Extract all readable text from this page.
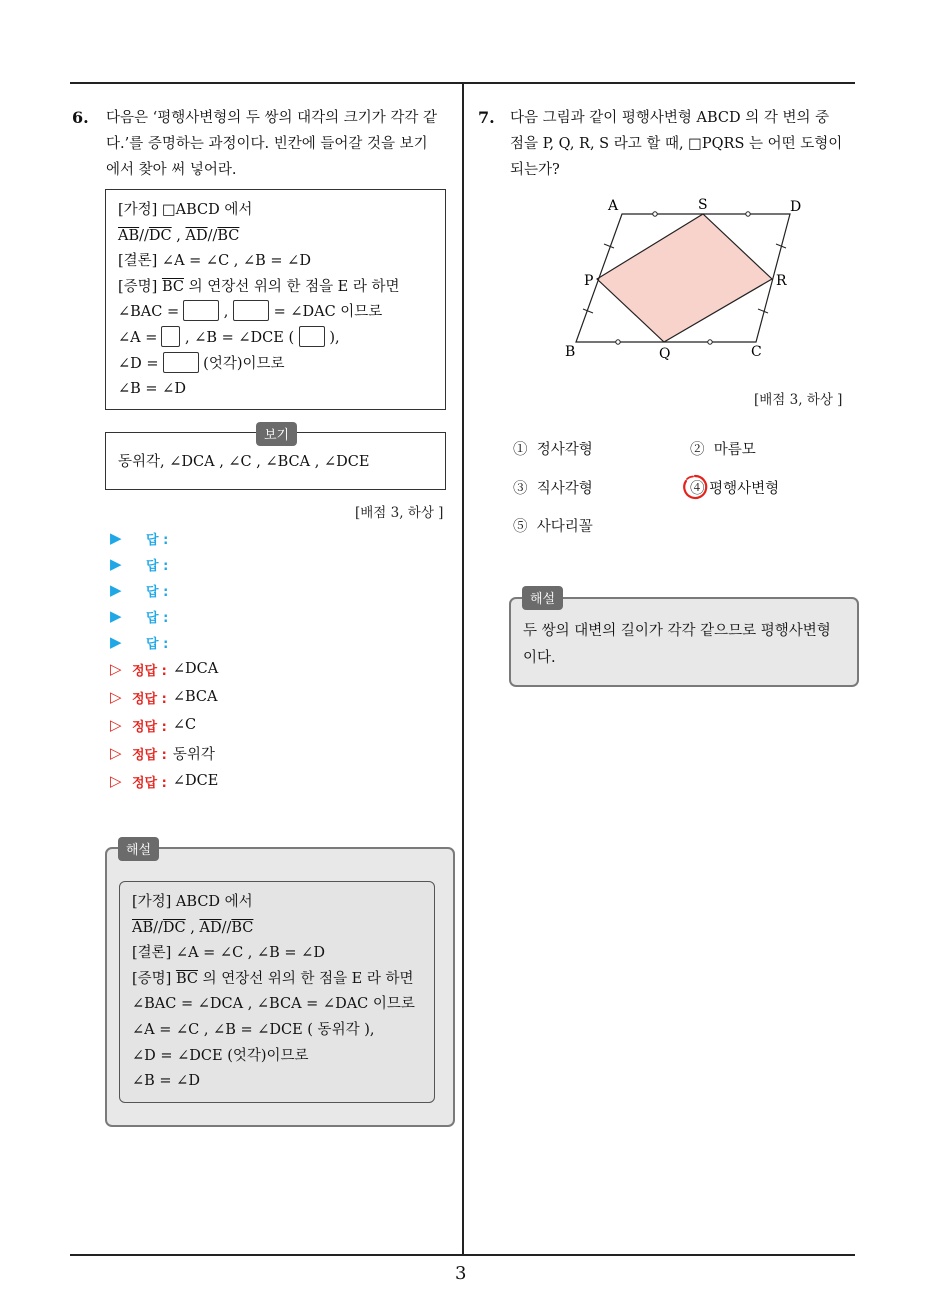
3
6. 다음은 ‘평행사변형의 두 쌍의 대각의 크기가 각각 같
다.’를 증명하는 과정이다. 빈칸에 들어갈 것을 보기
에서 찾아 써 넣어라.
[가정] □ABCD 에서
$\overline{AB}//\overline{DC}$ , $\overline{AD}//\overline{BC}$
[결론] ∠A = ∠C , ∠B = ∠D
[증명] $\overline{BC}$ 의 연장선 위의 한 점을 E 라 하면
∠BAC =	,	= ∠DAC 이므로
∠A = , ∠B = ∠DCE ( ),
∠D =	(엇각)이므로
∠B = ∠D
동위각, ∠DCA , ∠C , ∠BCA , ∠DCE
보기
[배점 3, 하상 ]
▶	답 :
▶	답 :
▶	답 :
▶	답 :
▶	답 :
▷ 정답 : ∠DCA
▷ 정답 : ∠BCA
▷ 정답 : ∠C
▷ 정답 : 동위각
▷ 정답 : ∠DCE
[가정] ABCD 에서
$\overline{AB}//\overline{DC}$ , $\overline{AD}//\overline{BC}$
[결론] ∠A = ∠C , ∠B = ∠D
[증명] $\overline{BC}$ 의 연장선 위의 한 점을 E 라 하면
∠BAC = ∠DCA , ∠BCA = ∠DAC 이므로
∠A = ∠C , ∠B = ∠DCE ( 동위각 ),
∠D = ∠DCE (엇각)이므로
∠B = ∠D
해설
7. 다음 그림과 같이 평행사변형 ABCD 의 각 변의 중
점을 P, Q, R, S 라고 할 때, □PQRS 는 어떤 도형이
되는가?
A	S	D
P	R
B	Q	C
[배점 3, 하상 ]
① 정사각형	② 마름모
③ 직사각형	④ 평행사변형
⑤ 사다리꼴
두 쌍의 대변의 길이가 각각 같으므로 평행사변형
이다.
해설
